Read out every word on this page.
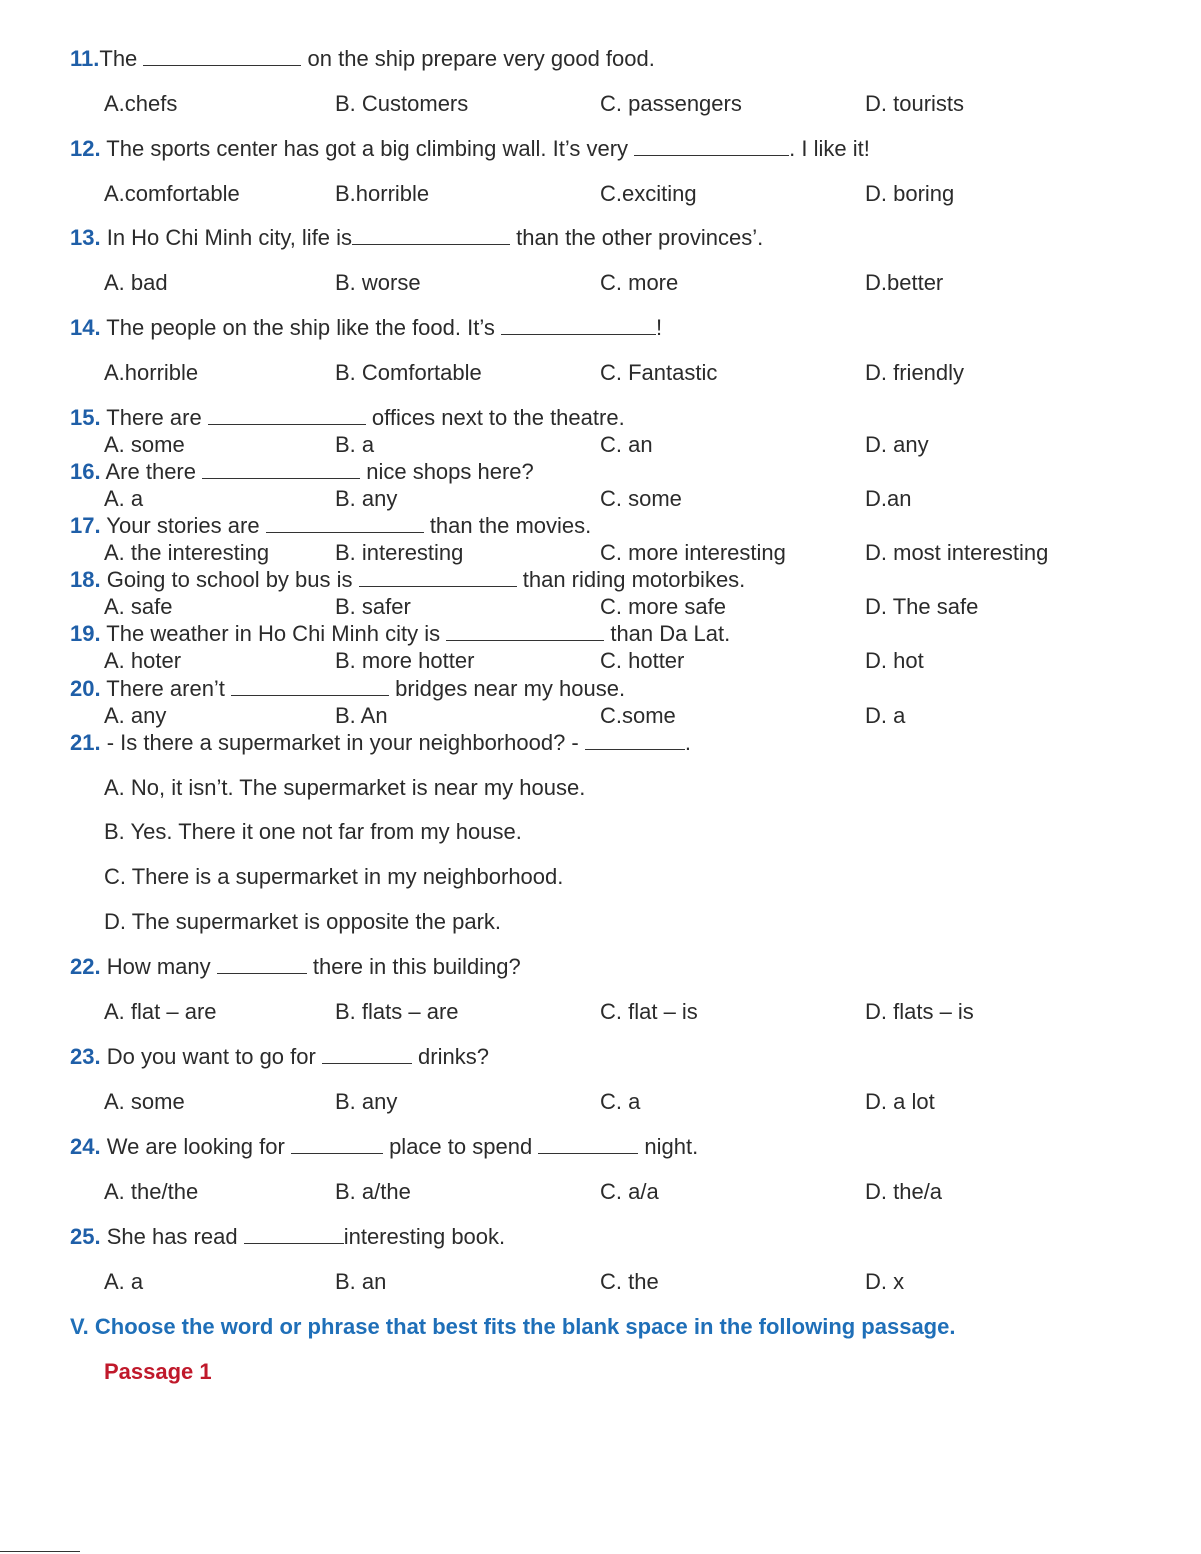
11.The	on the ship prepare very good food.
A.chefs	B. Customers	C. passengers	D. tourists
12. The sports center has got a big climbing wall. It’s very	. I like it!
A.comfortable	B.horrible	C.exciting	D. boring
13. In Ho Chi Minh city, life is	than the other provinces’.
A. bad	B. worse	C. more	D.better
14. The people on the ship like the food. It’s	!
A.horrible	B. Comfortable	C. Fantastic	D. friendly
15. There are	offices next to the theatre.
A. some	B. a	C. an	D. any
16. Are there	nice shops here?
A. a	B. any	C. some	D.an
17. Your stories are	than the movies.
A. the interesting	B. interesting	C. more interesting	D. most interesting
18. Going to school by bus is	than riding motorbikes.
A. safe	B. safer	C. more safe	D. The safe
19. The weather in Ho Chi Minh city is	than Da Lat.
A. hoter	B. more hotter	C. hotter	D. hot
20. There aren’t	bridges near my house.
A. any	B. An	C.some	D. a
21. - Is there a supermarket in your neighborhood? -	.
A. No, it isn’t. The supermarket is near my house.
B. Yes. There it one not far from my house.
C. There is a supermarket in my neighborhood.
D. The supermarket is opposite the park.
22. How many	there in this building?
A. flat – are	B. flats – are	C. flat – is	D. flats – is
23. Do you want to go for	drinks?
A. some	B. any	C. a	D. a lot
24. We are looking for	place to spend	night.
A. the/the	B. a/the	C. a/a	D. the/a
25. She has read	interesting book.
A. a	B. an	C. the	D. x
V. Choose the word or phrase that best fits the blank space in the following passage.
Passage 1
